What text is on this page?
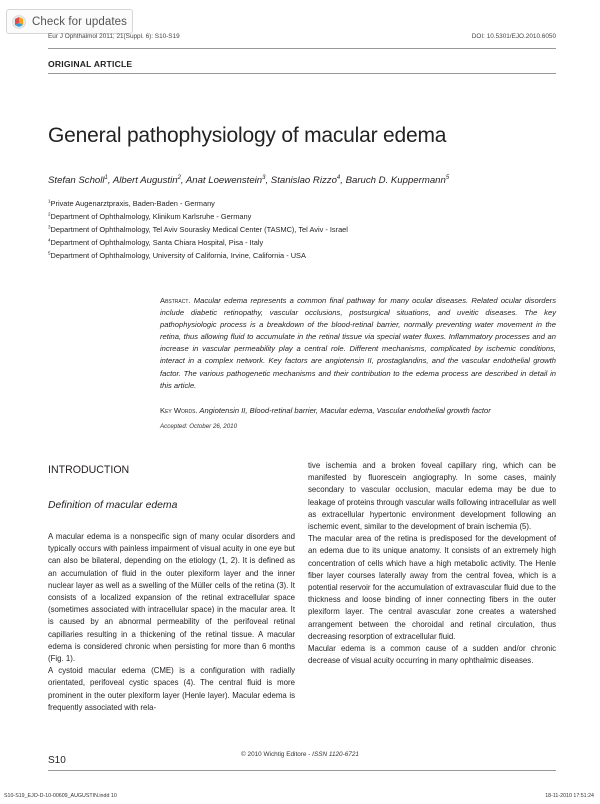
Check for updates
Eur J Ophthalmol 2011; 21(Suppl. 6): S10-S19	DOI: 10.5301/EJO.2010.6050
ORIGINAL ARTICLE
General pathophysiology of macular edema
Stefan Scholl$^1$, Albert Augustin$^2$, Anat Loewenstein$^3$, Stanislao Rizzo$^4$, Baruch D. Kuppermann$^5$
$^1$Private Augenarztpraxis, Baden-Baden - Germany
$^2$Department of Ophthalmology, Klinikum Karlsruhe - Germany
$^3$Department of Ophthalmology, Tel Aviv Sourasky Medical Center (TASMC), Tel Aviv - Israel
$^4$Department of Ophthalmology, Santa Chiara Hospital, Pisa - Italy
$^5$Department of Ophthalmology, University of California, Irvine, California - USA
Abstract. Macular edema represents a common final pathway for many ocular diseases. Related ocular disorders include diabetic retinopathy, vascular occlusions, postsurgical situations, and uveitic diseases. The key pathophysiologic process is a breakdown of the blood-retinal barrier, normally preventing water movement in the retina, thus allowing fluid to accumulate in the retinal tissue via special water fluxes. Inflammatory processes and an increase in vascular permeability play a central role. Different mechanisms, complicated by ischemic conditions, interact in a complex network. Key factors are angiotensin II, prostaglandins, and the vascular endothelial growth factor. The various pathogenetic mechanisms and their contribution to the edema process are described in detail in this article.
Key Words. Angiotensin II, Blood-retinal barrier, Macular edema, Vascular endothelial growth factor
Accepted: October 26, 2010
INTRODUCTION
Definition of macular edema

A macular edema is a nonspecific sign of many ocular disorders and typically occurs with painless impairment of visual acuity in one eye but can also be bilateral, depending on the etiology (1, 2). It is defined as an accumulation of fluid in the outer plexiform layer and the inner nuclear layer as well as a swelling of the Müller cells of the retina (3). It consists of a localized expansion of the retinal extracellular space (sometimes associated with intracellular space) in the macular area. It is caused by an abnormal permeability of the perifoveal retinal capillaries resulting in a thickening of the retinal tissue. A macular edema is considered chronic when persisting for more than 6 months (Fig. 1).

A cystoid macular edema (CME) is a configuration with radially orientated, perifoveal cystic spaces (4). The central fluid is more prominent in the outer plexiform layer (Henle layer). Macular edema is frequently associated with rela-

tive ischemia and a broken foveal capillary ring, which can be manifested by fluorescein angiography. In some cases, mainly secondary to vascular occlusion, macular edema may be due to leakage of proteins through vascular walls following intracellular as well as extracellular hypertonic environment development following an ischemic event, similar to the development of brain ischemia (5).

The macular area of the retina is predisposed for the development of an edema due to its unique anatomy. It consists of an extremely high concentration of cells which have a high metabolic activity. The Henle fiber layer courses laterally away from the central fovea, which is a potential reservoir for the accumulation of extravascular fluid due to the thickness and loose binding of inner connecting fibers in the outer plexiform layer. The central avascular zone creates a watershed arrangement between the choroidal and retinal circulation, thus decreasing resorption of extracellular fluid.

Macular edema is a common cause of a sudden and/or chronic decrease of visual acuity occurring in many ophthalmic diseases.

© 2010 Wichtig Editore - ISSN 1120-6721
S10
S10-S19_EJO-D-10-00609_AUGUSTIN.indd 10	18-11-2010 17:51:24
